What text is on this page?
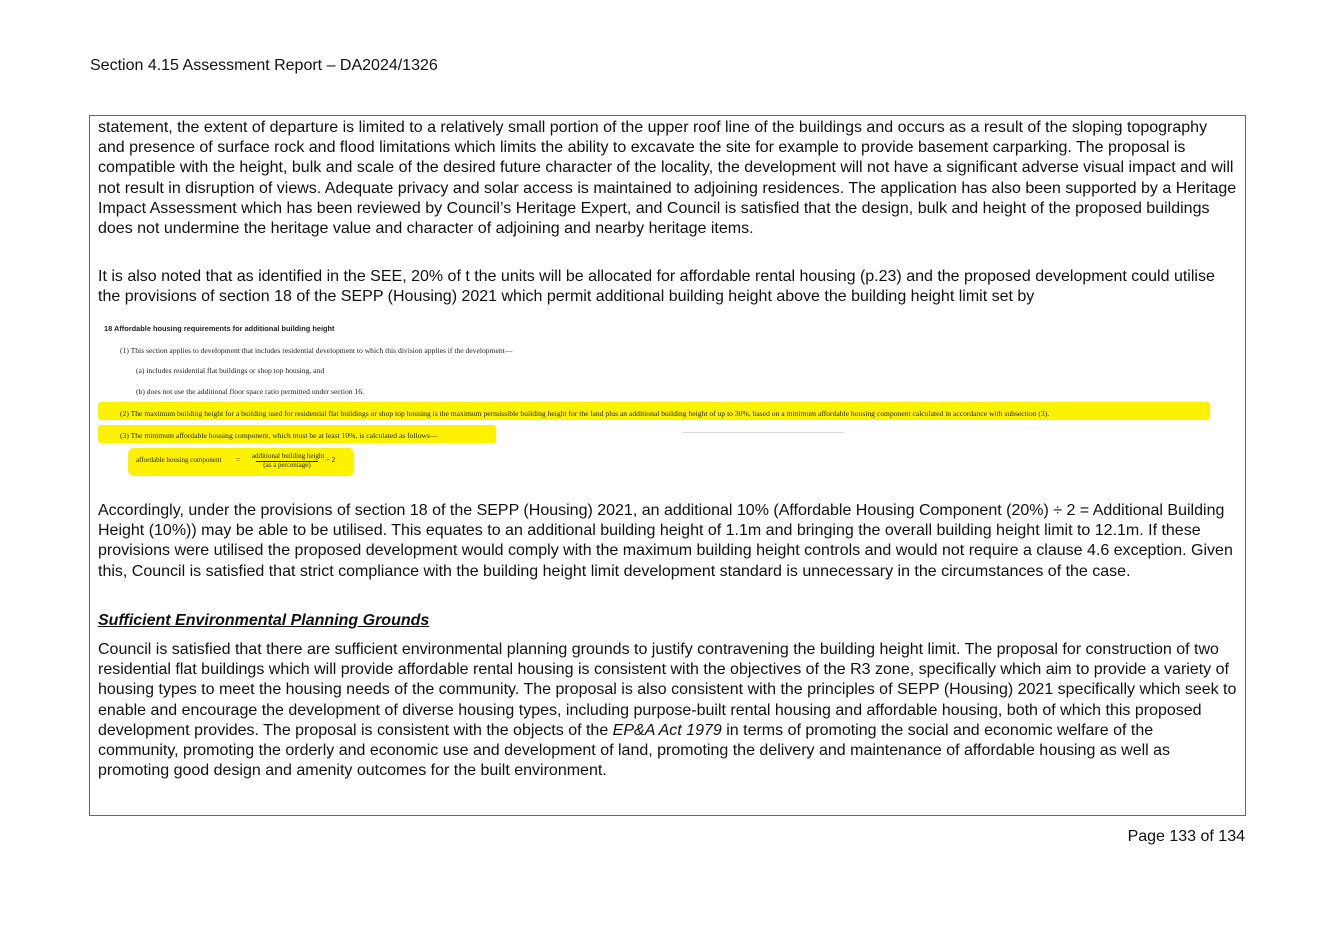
Section 4.15 Assessment Report – DA2024/1326

statement, the extent of departure is limited to a relatively small portion of the upper roof line of the buildings and occurs as a result of the sloping topography and presence of surface rock and flood limitations which limits the ability to excavate the site for example to provide basement carparking. The proposal is compatible with the height, bulk and scale of the desired future character of the locality, the development will not have a significant adverse visual impact and will not result in disruption of views. Adequate privacy and solar access is maintained to adjoining residences. The application has also been supported by a Heritage Impact Assessment which has been reviewed by Council’s Heritage Expert, and Council is satisfied that the design, bulk and height of the proposed buildings does not undermine the heritage value and character of adjoining and nearby heritage items.

It is also noted that as identified in the SEE, 20% of t the units will be allocated for affordable rental housing (p.23) and the proposed development could utilise the provisions of section 18 of the SEPP (Housing) 2021 which permit additional building height above the building height limit set by

18 Affordable housing requirements for additional building height
(1) This section applies to development that includes residential development to which this division applies if the development—
(a) includes residential flat buildings or shop top housing, and
(b) does not use the additional floor space ratio permitted under section 16.
(2) The maximum building height for a building used for residential flat buildings or shop top housing is the maximum permissible building height for the land plus an additional building height of up to 30%, based on a minimum affordable housing component calculated in accordance with subsection (3).
(3) The minimum affordable housing component, which must be at least 10%, is calculated as follows—
affordable housing component = additional building height
(as a percentage)
÷ 2

Accordingly, under the provisions of section 18 of the SEPP (Housing) 2021, an additional 10% (Affordable Housing Component (20%) ÷ 2 = Additional Building Height (10%)) may be able to be utilised. This equates to an additional building height of 1.1m and bringing the overall building height limit to 12.1m. If these provisions were utilised the proposed development would comply with the maximum building height controls and would not require a clause 4.6 exception. Given this, Council is satisfied that strict compliance with the building height limit development standard is unnecessary in the circumstances of the case.

Sufficient Environmental Planning Grounds

Council is satisfied that there are sufficient environmental planning grounds to justify contravening the building height limit. The proposal for construction of two residential flat buildings which will provide affordable rental housing is consistent with the objectives of the R3 zone, specifically which aim to provide a variety of housing types to meet the housing needs of the community. The proposal is also consistent with the principles of SEPP (Housing) 2021 specifically which seek to enable and encourage the development of diverse housing types, including purpose-built rental housing and affordable housing, both of which this proposed development provides. The proposal is consistent with the objects of the EP&A Act 1979 in terms of promoting the social and economic welfare of the community, promoting the orderly and economic use and development of land, promoting the delivery and maintenance of affordable housing as well as promoting good design and amenity outcomes for the built environment.

Page 133 of 134
